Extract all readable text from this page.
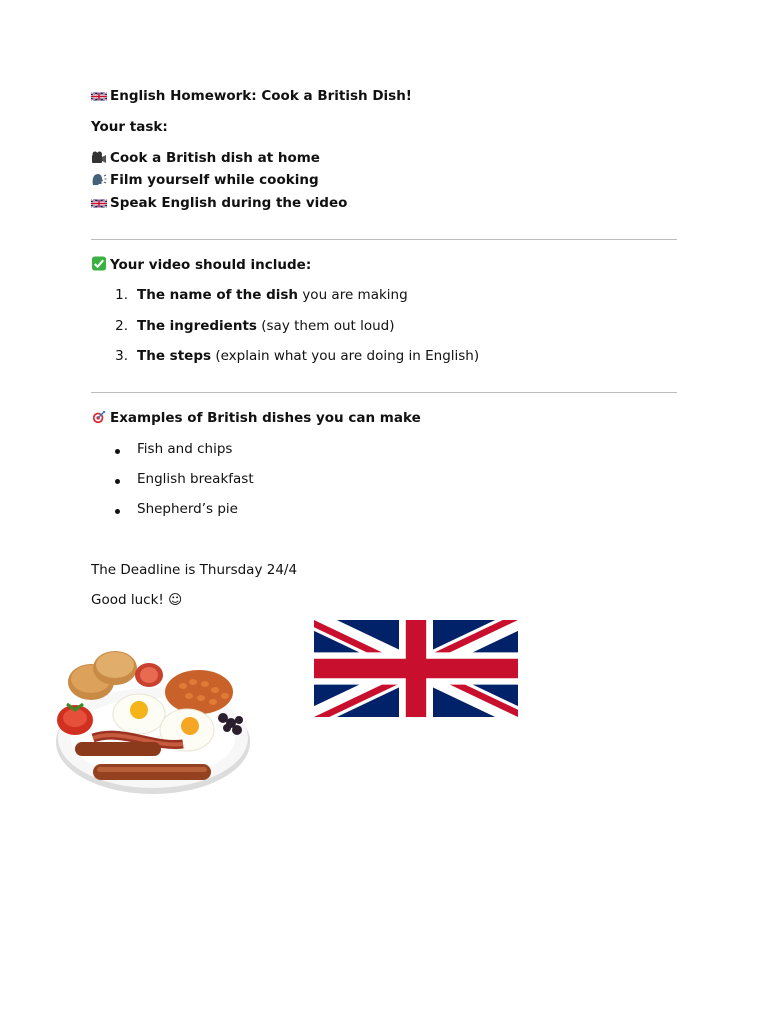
English Homework: Cook a British Dish!
Your task:
Cook a British dish at home
Film yourself while cooking
Speak English during the video
Your video should include:
1. The name of the dish you are making
2. The ingredients (say them out loud)
3. The steps (explain what you are doing in English)
Examples of British dishes you can make
Fish and chips
English breakfast
Shepherd’s pie
The Deadline is Thursday 24/4
Good luck! ☺
